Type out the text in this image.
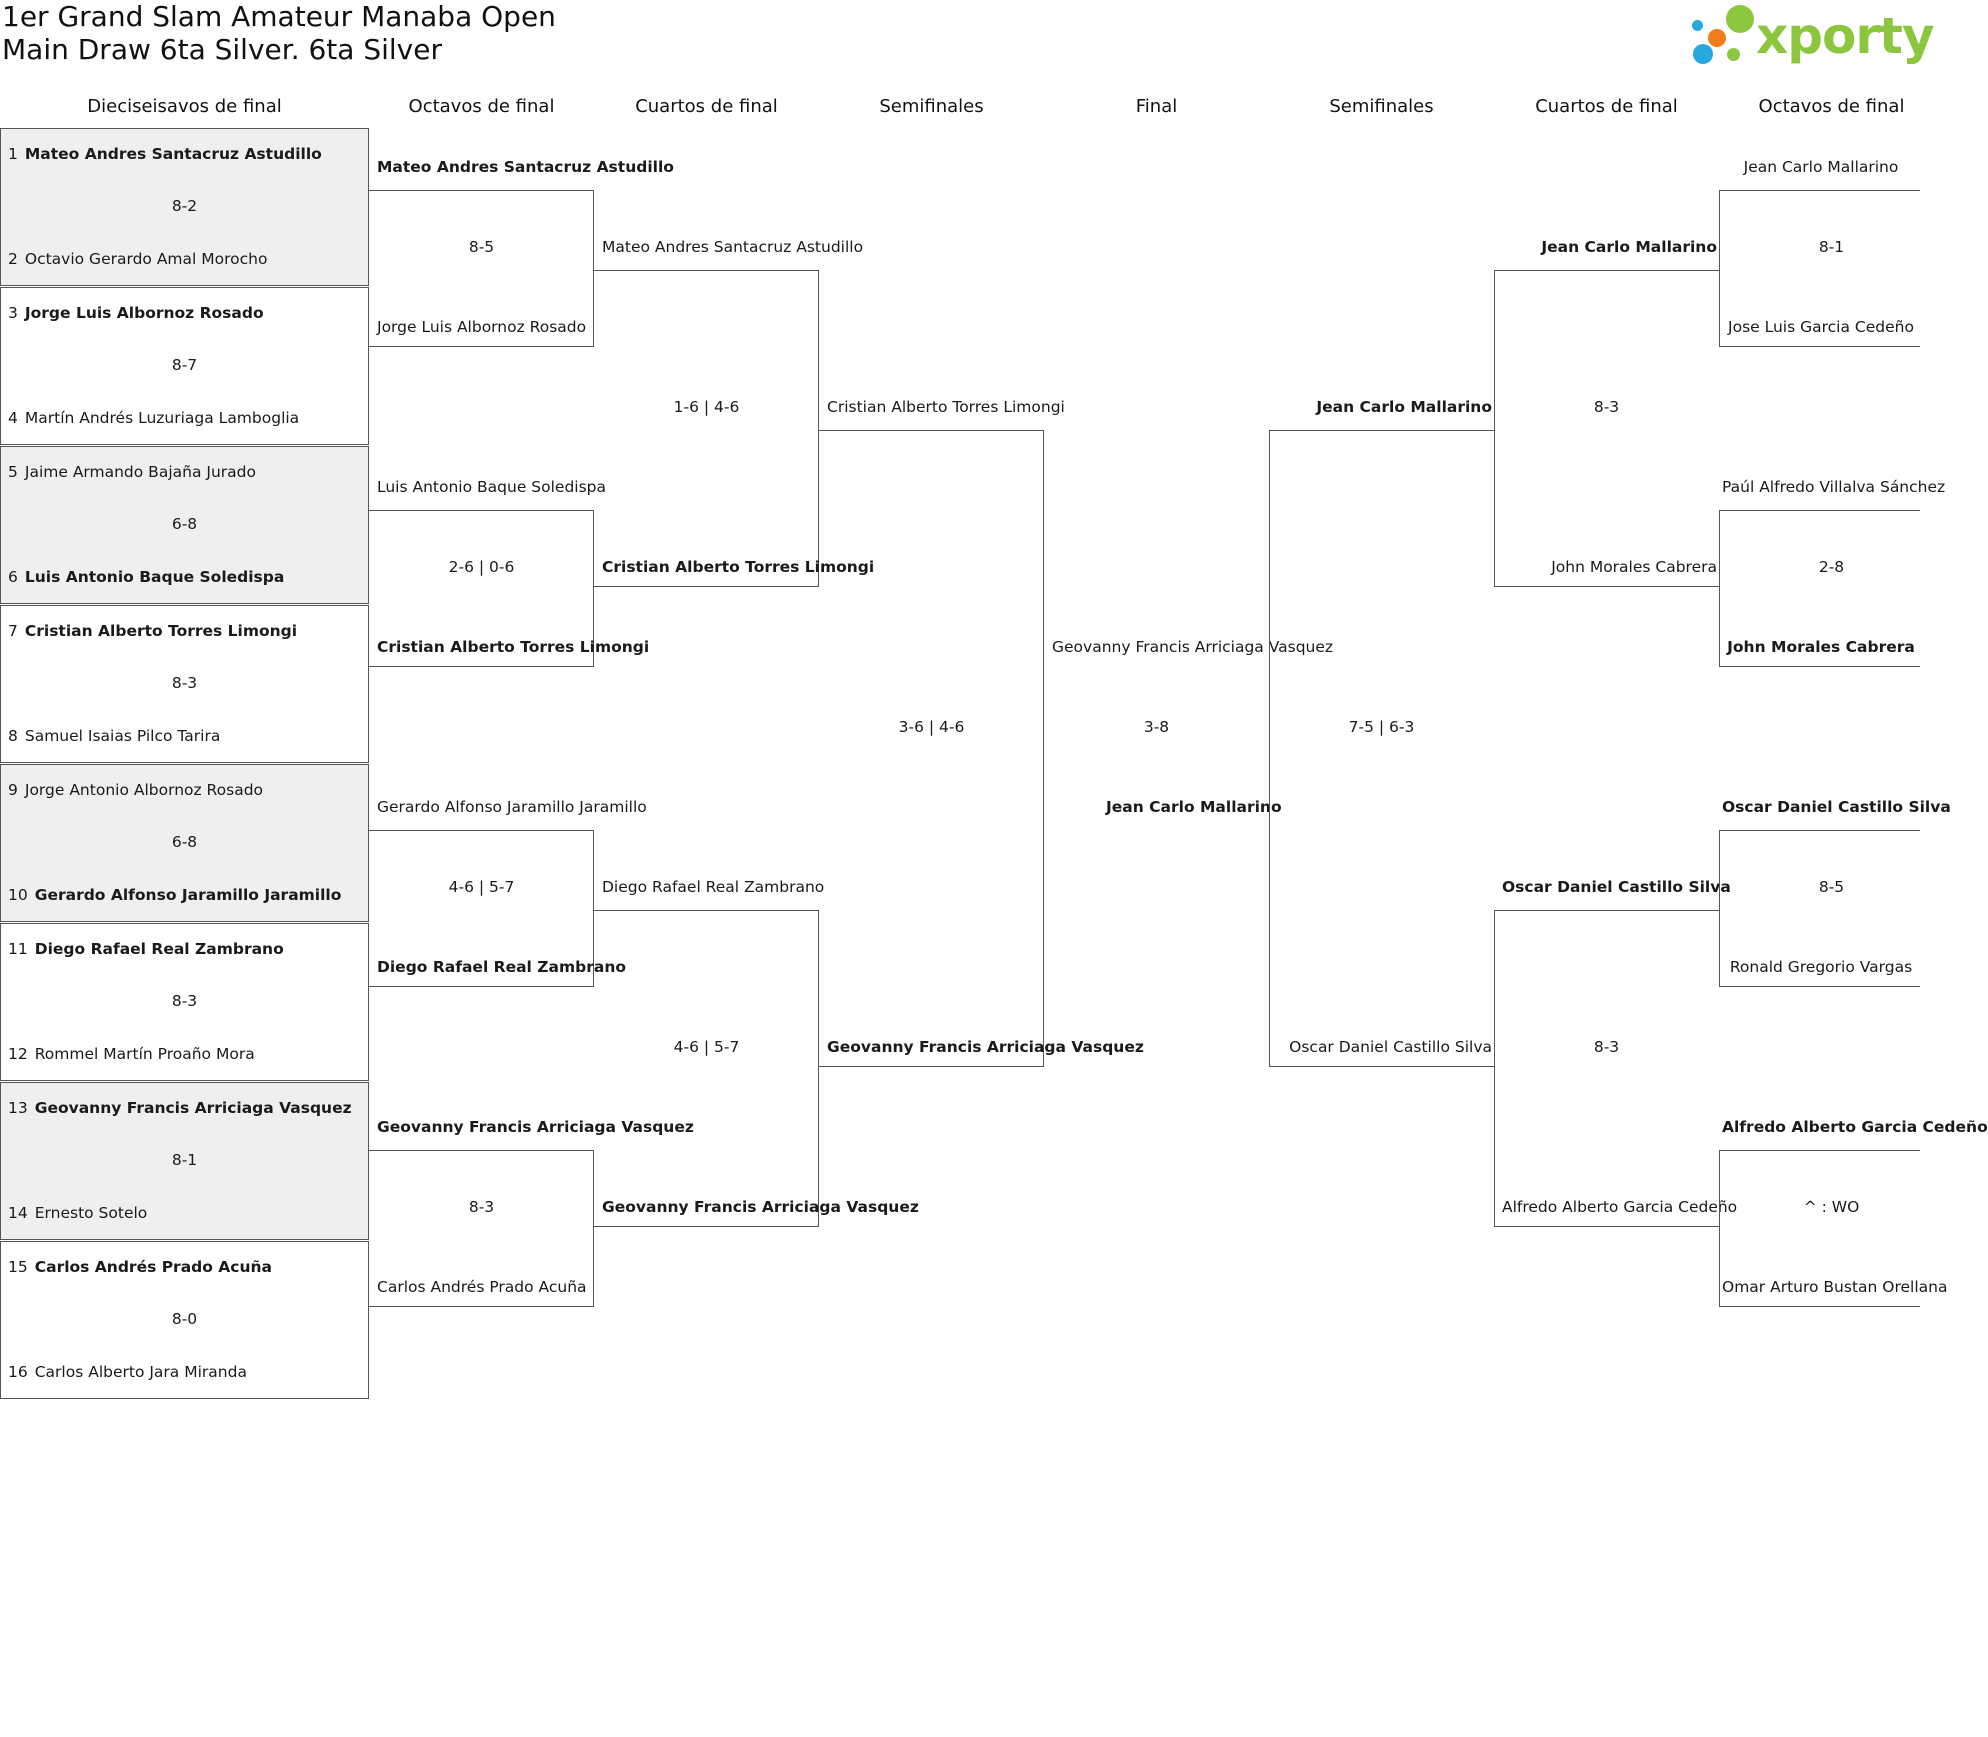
1er Grand Slam Amateur Manaba Open
Main Draw 6ta Silver. 6ta Silver	xporty
Dieciseisavos de final	Octavos de final	Cuartos de final	Semifinales	Final	Semifinales	Cuartos de final	Octavos de final
1 Mateo Andres Santacruz Astudillo
2 Octavio Gerardo Amal Morocho
8-2
3 Jorge Luis Albornoz Rosado
4 Martín Andrés Luzuriaga Lamboglia
8-7
5 Jaime Armando Bajaña Jurado
6 Luis Antonio Baque Soledispa
6-8
7 Cristian Alberto Torres Limongi
8 Samuel Isaias Pilco Tarira
8-3
9 Jorge Antonio Albornoz Rosado
10 Gerardo Alfonso Jaramillo Jaramillo
6-8
11 Diego Rafael Real Zambrano
12 Rommel Martín Proaño Mora
8-3
13 Geovanny Francis Arriciaga Vasquez
14 Ernesto Sotelo
8-1
15 Carlos Andrés Prado Acuña
16 Carlos Alberto Jara Miranda
8-0
Mateo Andres Santacruz Astudillo
Jorge Luis Albornoz Rosado
8-5
Luis Antonio Baque Soledispa
Cristian Alberto Torres Limongi
2-6 | 0-6
Gerardo Alfonso Jaramillo Jaramillo
Diego Rafael Real Zambrano
4-6 | 5-7
Geovanny Francis Arriciaga Vasquez
Carlos Andrés Prado Acuña
8-3
Mateo Andres Santacruz Astudillo
Cristian Alberto Torres Limongi
1-6 | 4-6
Diego Rafael Real Zambrano
Geovanny Francis Arriciaga Vasquez
4-6 | 5-7
Cristian Alberto Torres Limongi
Geovanny Francis Arriciaga Vasquez
3-6 | 4-6
Geovanny Francis Arriciaga Vasquez
Jean Carlo Mallarino
3-8
Jean Carlo Mallarino
Oscar Daniel Castillo Silva
7-5 | 6-3
Jean Carlo Mallarino
John Morales Cabrera
8-3
Oscar Daniel Castillo Silva
Alfredo Alberto Garcia Cedeño
8-3
Jean Carlo Mallarino
Jose Luis Garcia Cedeño
8-1
Paúl Alfredo Villalva Sánchez
John Morales Cabrera
2-8
Oscar Daniel Castillo Silva
Ronald Gregorio Vargas
8-5
Alfredo Alberto Garcia Cedeño
Omar Arturo Bustan Orellana
^ : WO
